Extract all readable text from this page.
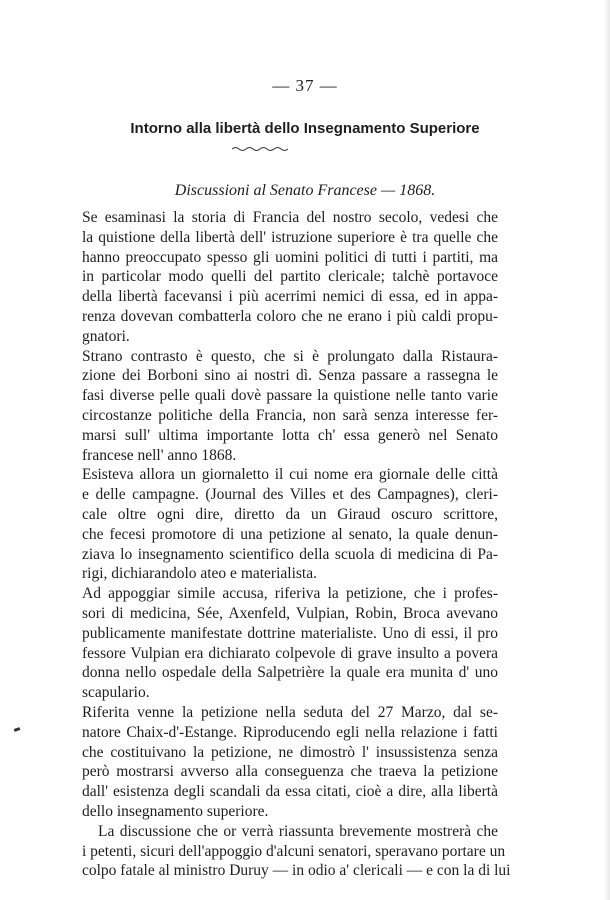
— 37 —
Intorno alla libertà dello Insegnamento Superiore
Discussioni al Senato Francese — 1868.
Se esaminasi la storia di Francia del nostro secolo, vedesi che
la quistione della libertà dell' istruzione superiore è tra quelle che
hanno preoccupato spesso gli uomini politici di tutti i partiti, ma
in particolar modo quelli del partito clericale; talchè portavoce
della libertà facevansi i più acerrimi nemici di essa, ed in appa-
renza dovevan combatterla coloro che ne erano i più caldi propu-
gnatori.
Strano contrasto è questo, che si è prolungato dalla Ristaura-
zione dei Borboni sino ai nostri dì. Senza passare a rassegna le
fasi diverse pelle quali dovè passare la quistione nelle tanto varie
circostanze politiche della Francia, non sarà senza interesse fer-
marsi sull' ultima importante lotta ch' essa generò nel Senato
francese nell' anno 1868.
Esisteva allora un giornaletto il cui nome era giornale delle città
e delle campagne. (Journal des Villes et des Campagnes), cleri-
cale oltre ogni dire, diretto da un Giraud oscuro scrittore,
che fecesi promotore di una petizione al senato, la quale denun-
ziava lo insegnamento scientifico della scuola di medicina di Pa-
rigi, dichiarandolo ateo e materialista.
Ad appoggiar simile accusa, riferiva la petizione, che i profes-
sori di medicina, Sée, Axenfeld, Vulpian, Robin, Broca avevano
publicamente manifestate dottrine materialiste. Uno di essi, il pro
fessore Vulpian era dichiarato colpevole di grave insulto a povera
donna nello ospedale della Salpetrière la quale era munita d' uno
scapulario.
Riferita venne la petizione nella seduta del 27 Marzo, dal se-
natore Chaix-d'-Estange. Riproducendo egli nella relazione i fatti
che costituivano la petizione, ne dimostrò l' insussistenza senza
però mostrarsi avverso alla conseguenza che traeva la petizione
dall' esistenza degli scandali da essa citati, cioè a dire, alla libertà
dello insegnamento superiore.
La discussione che or verrà riassunta brevemente mostrerà che
i petenti, sicuri dell'appoggio d'alcuni senatori, speravano portare un
colpo fatale al ministro Duruy — in odio a' clericali — e con la di lui
